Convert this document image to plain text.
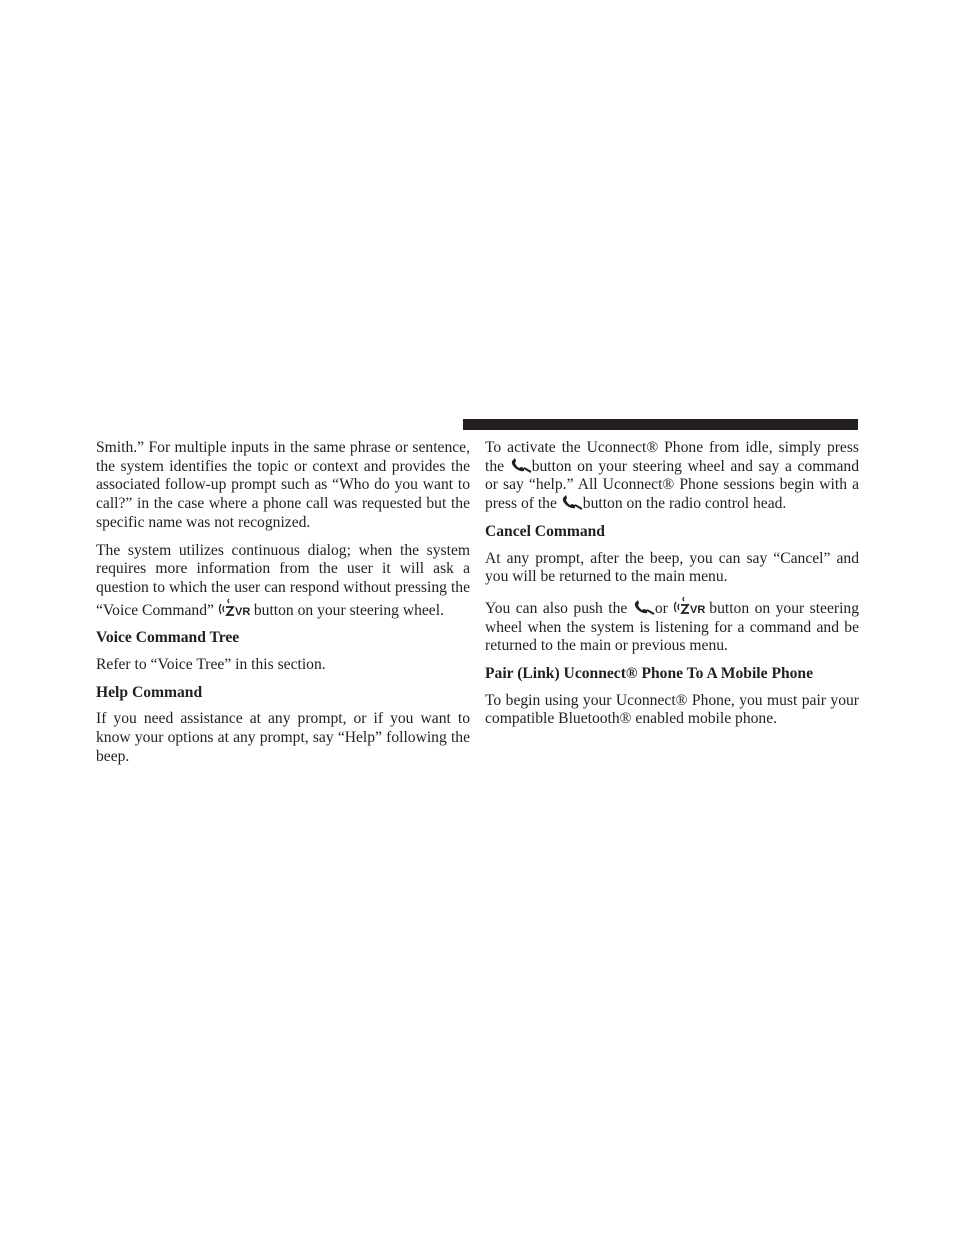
Smith.” For multiple inputs in the same phrase or sentence, the system identifies the topic or context and provides the associated follow-up prompt such as “Who do you want to call?” in the case where a phone call was requested but the specific name was not recognized.

The system utilizes continuous dialog; when the system requires more information from the user it will ask a question to which the user can respond without pressing the “Voice Command” VR button on your steering wheel.

Voice Command Tree

Refer to “Voice Tree” in this section.

Help Command

If you need assistance at any prompt, or if you want to know your options at any prompt, say “Help” following the beep.

To activate the Uconnect® Phone from idle, simply press the
button on your steering wheel and say a command or say “help.” All Uconnect® Phone sessions begin with a press of the
button on the radio control head.

Cancel Command

At any prompt, after the beep, you can say “Cancel” and you will be returned to the main menu.

You can also push the
or VR button on your steering wheel when the system is listening for a command and be returned to the main or previous menu.

Pair (Link) Uconnect® Phone To A Mobile Phone

To begin using your Uconnect® Phone, you must pair your compatible Bluetooth® enabled mobile phone.
